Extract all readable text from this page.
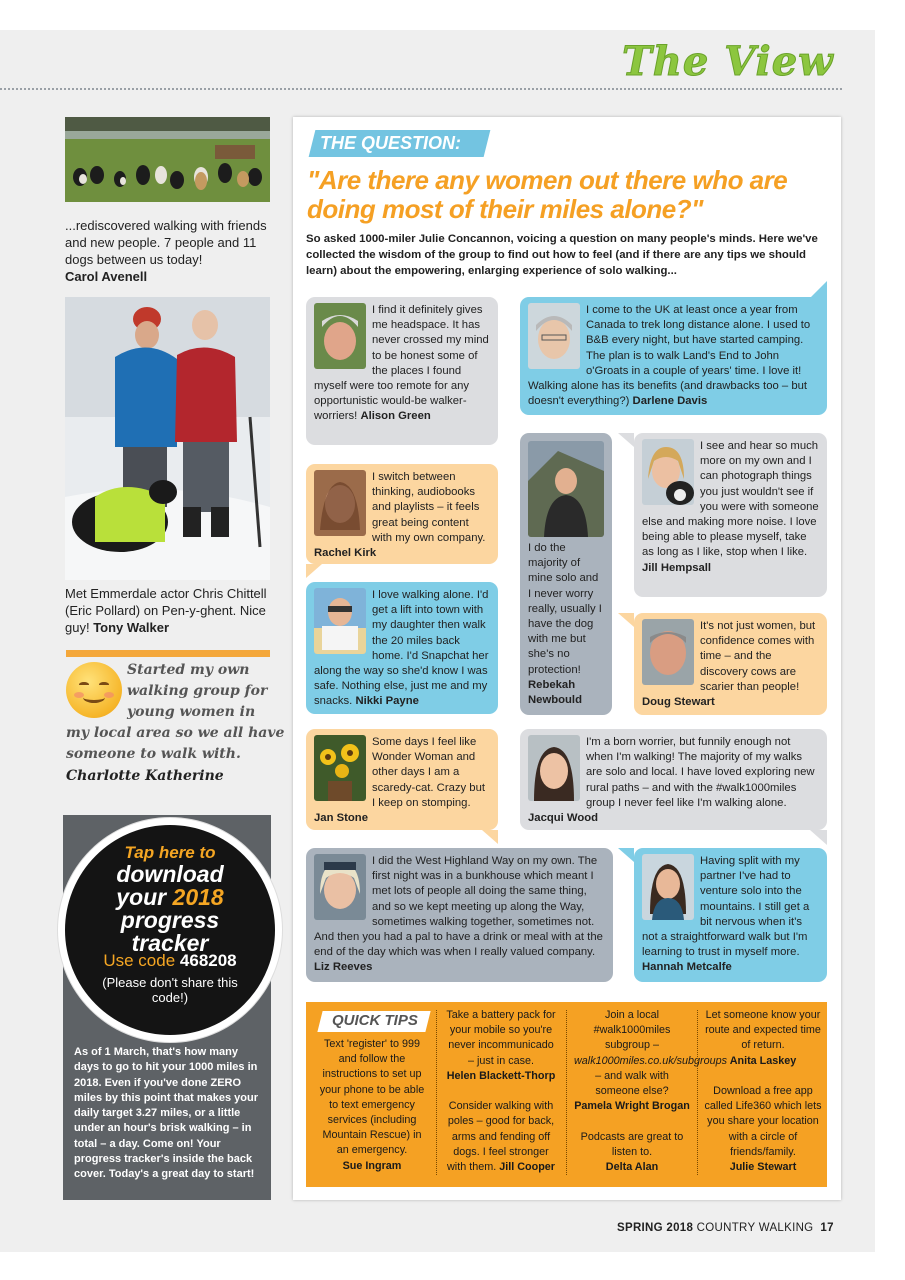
The View
...rediscovered walking with friends and new people. 7 people and 11 dogs between us today!
Carol Avenell
Met Emmerdale actor Chris Chittell (Eric Pollard) on Pen-y-ghent. Nice guy! Tony Walker
Started my own
walking group for
young women in
my local area so we all have
someone to walk with.
Charlotte Katherine
Tap here to
download
your 2018
progress
tracker
Use code 468208
(Please don't share this code!)
As of 1 March, that's how many days to go to hit your 1000 miles in 2018. Even if you've done ZERO miles by this point that makes your daily target 3.27 miles, or a little under an hour's brisk walking – in total – a day. Come on! Your progress tracker's inside the back cover. Today's a great day to start!
THE QUESTION:
"Are there any women out there who are doing most of their miles alone?"
So asked 1000-miler Julie Concannon, voicing a question on many people's minds. Here we've collected the wisdom of the group to find out how to feel (and if there are any tips we should learn) about the empowering, enlarging experience of solo walking...
I find it definitely gives me headspace. It has never crossed my mind to be honest some of the places I found myself were too remote for any opportunistic would-be walker-worriers! Alison Green
I come to the UK at least once a year from Canada to trek long distance alone. I used to B&B every night, but have started camping. The plan is to walk Land's End to John o'Groats in a couple of years' time. I love it! Walking alone has its benefits (and drawbacks too – but doesn't everything?) Darlene Davis
I switch between thinking, audiobooks and playlists – it feels great being content with my own company. Rachel Kirk	I do the majority of mine solo and I never worry really, usually I have the dog with me but she's no protection! Rebekah Newbould
I see and hear so much more on my own and I can photograph things you just wouldn't see if you were with someone else and making more noise. I love being able to please myself, take as long as I like, stop when I like. Jill Hempsall
I love walking alone. I'd get a lift into town with my daughter then walk the 20 miles back home. I'd Snapchat her along the way so she'd know I was safe. Nothing else, just me and my snacks. Nikki Payne
It's not just women, but confidence comes with time – and the discovery cows are scarier than people! Doug Stewart
Some days I feel like Wonder Woman and other days I am a scaredy-cat. Crazy but I keep on stomping. Jan Stone
I'm a born worrier, but funnily enough not when I'm walking! The majority of my walks are solo and local. I have loved exploring new rural paths – and with the #walk1000miles group I never feel like I'm walking alone. Jacqui Wood
I did the West Highland Way on my own. The first night was in a bunkhouse which meant I met lots of people all doing the same thing, and so we kept meeting up along the Way, sometimes walking together, sometimes not. And then you had a pal to have a drink or meal with at the end of the day which was when I really valued company. Liz Reeves
Having split with my partner I've had to venture solo into the mountains. I still get a bit nervous when it's not a straightforward walk but I'm learning to trust in myself more. Hannah Metcalfe
QUICK TIPS
Text 'register' to 999 and follow the instructions to set up your phone to be able to text emergency services (including Mountain Rescue) in an emergency.
Sue Ingram
Take a battery pack for your mobile so you're never incommunicado – just in case.
Helen Blackett-Thorp

Consider walking with poles – good for back, arms and fending off dogs. I feel stronger with them. Jill Cooper
Join a local #walk1000miles subgroup – walk1000miles.co.uk/subgroups – and walk with someone else?
Pamela Wright Brogan

Podcasts are great to listen to.
Delta Alan
Let someone know your route and expected time of return.
Anita Laskey

Download a free app called Life360 which lets you share your location with a circle of friends/family.
Julie Stewart
SPRING 2018 COUNTRY WALKING 17
